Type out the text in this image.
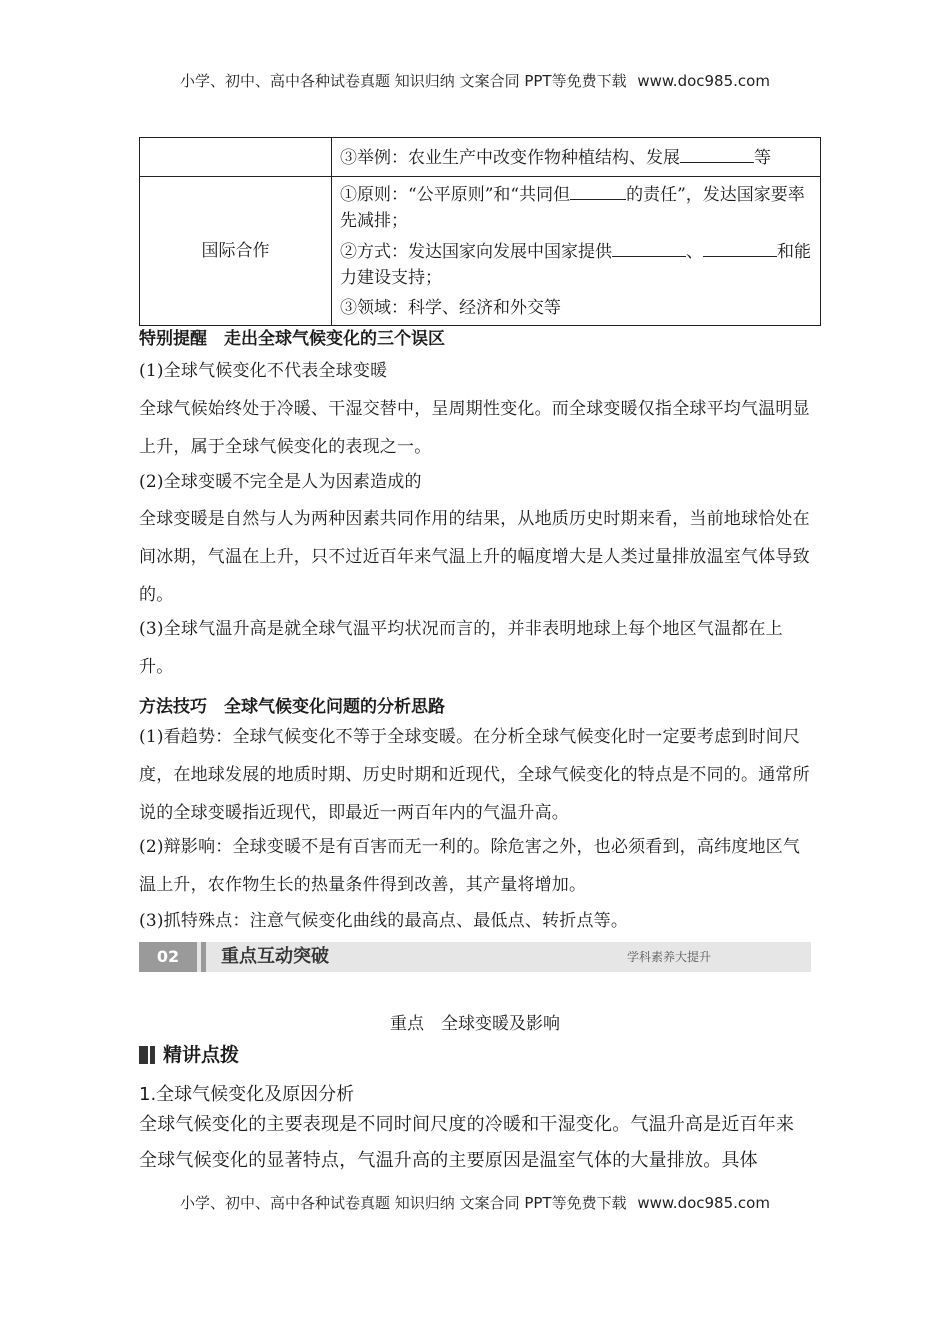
小学、初中、高中各种试卷真题 知识归纳 文案合同 PPT等免费下载 www.doc985.com
	③举例：农业生产中改变作物种植结构、发展 等
国际合作	①原则：“公平原则”和“共同但 的责任”，发达国家要率先减排；
②方式：发达国家向发展中国家提供 、 和能力建设支持；
③领域：科学、经济和外交等
特别提醒　走出全球气候变化的三个误区
(1)全球气候变化不代表全球变暖
全球气候始终处于冷暖、干湿交替中，呈周期性变化。而全球变暖仅指全球平均气温明显上升，属于全球气候变化的表现之一。
(2)全球变暖不完全是人为因素造成的
全球变暖是自然与人为两种因素共同作用的结果，从地质历史时期来看，当前地球恰处在间冰期，气温在上升，只不过近百年来气温上升的幅度增大是人类过量排放温室气体导致的。
(3)全球气温升高是就全球气温平均状况而言的，并非表明地球上每个地区气温都在上升。
方法技巧　全球气候变化问题的分析思路
(1)看趋势：全球气候变化不等于全球变暖。在分析全球气候变化时一定要考虑到时间尺度，在地球发展的地质时期、历史时期和近现代，全球气候变化的特点是不同的。通常所说的全球变暖指近现代，即最近一两百年内的气温升高。
(2)辩影响：全球变暖不是有百害而无一利的。除危害之外，也必须看到，高纬度地区气温上升，农作物生长的热量条件得到改善，其产量将增加。
(3)抓特殊点：注意气候变化曲线的最高点、最低点、转折点等。
02	重点互动突破	学科素养大提升
重点　全球变暖及影响
精讲点拨
1.全球气候变化及原因分析
全球气候变化的主要表现是不同时间尺度的冷暖和干湿变化。气温升高是近百年来全球气候变化的显著特点，气温升高的主要原因是温室气体的大量排放。具体
小学、初中、高中各种试卷真题 知识归纳 文案合同 PPT等免费下载 www.doc985.com
